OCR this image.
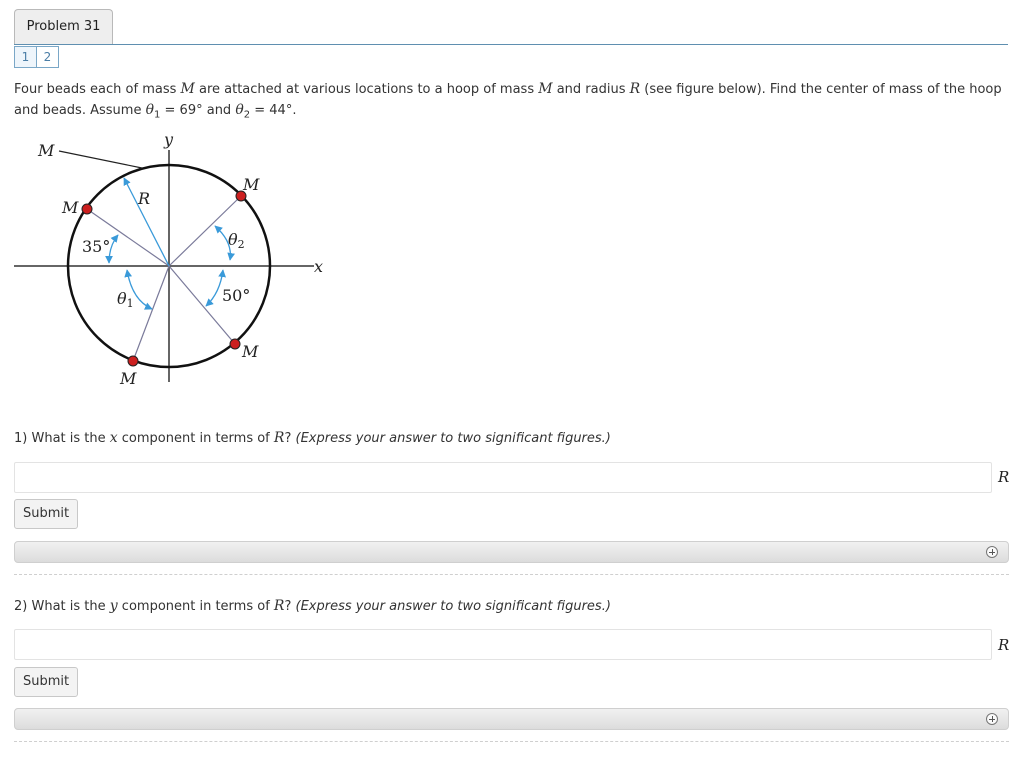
Problem 31
1	2
Four beads each of mass M are attached at various locations to a hoop of mass M and radius R (see figure below). Find the center of mass of the hoop and beads. Assume $\theta_1 = 69^\circ$ and $\theta_2 = 44^\circ$.
x
y
R
M
35°
θ1
θ2
50°
M
M
M
M
1) What is the x component in terms of R? (Express your answer to two significant figures.)
R
Submit
2) What is the y component in terms of R? (Express your answer to two significant figures.)
R
Submit
